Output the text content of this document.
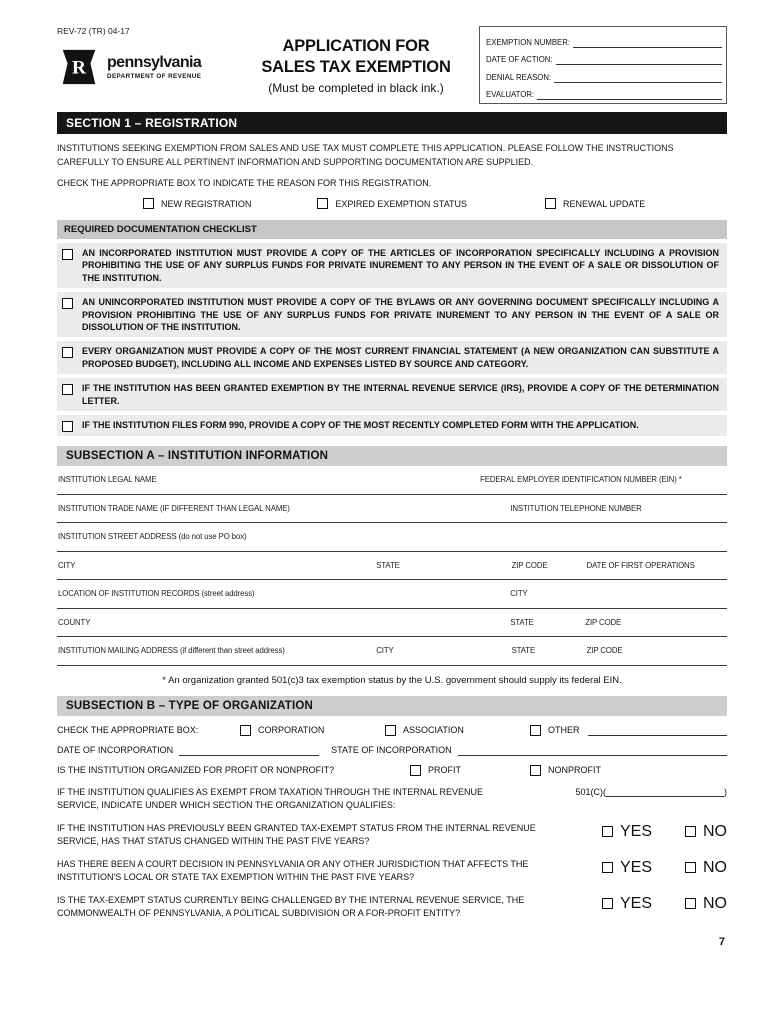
REV-72 (TR) 04-17
R pennsylvania
DEPARTMENT OF REVENUE
APPLICATION FOR
SALES TAX EXEMPTION
(Must be completed in black ink.)
EXEMPTION NUMBER:
DATE OF ACTION:
DENIAL REASON:
EVALUATOR:
SECTION 1 – REGISTRATION
INSTITUTIONS SEEKING EXEMPTION FROM SALES AND USE TAX MUST COMPLETE THIS APPLICATION. PLEASE FOLLOW THE INSTRUCTIONS CAREFULLY TO ENSURE ALL PERTINENT INFORMATION AND SUPPORTING DOCUMENTATION ARE SUPPLIED.
CHECK THE APPROPRIATE BOX TO INDICATE THE REASON FOR THIS REGISTRATION.
NEW REGISTRATION	EXPIRED EXEMPTION STATUS	RENEWAL UPDATE
REQUIRED DOCUMENTATION CHECKLIST
AN INCORPORATED INSTITUTION MUST PROVIDE A COPY OF THE ARTICLES OF INCORPORATION SPECIFICALLY INCLUDING A PROVISION PROHIBITING THE USE OF ANY SURPLUS FUNDS FOR PRIVATE INUREMENT TO ANY PERSON IN THE EVENT OF A SALE OR DISSOLUTION OF THE INSTITUTION.
AN UNINCORPORATED INSTITUTION MUST PROVIDE A COPY OF THE BYLAWS OR ANY GOVERNING DOCUMENT SPECIFICALLY INCLUDING A PROVISION PROHIBITING THE USE OF ANY SURPLUS FUNDS FOR PRIVATE INUREMENT TO ANY PERSON IN THE EVENT OF A SALE OR DISSOLUTION OF THE INSTITUTION.
EVERY ORGANIZATION MUST PROVIDE A COPY OF THE MOST CURRENT FINANCIAL STATEMENT (A NEW ORGANIZATION CAN SUBSTITUTE A PROPOSED BUDGET), INCLUDING ALL INCOME AND EXPENSES LISTED BY SOURCE AND CATEGORY.
IF THE INSTITUTION HAS BEEN GRANTED EXEMPTION BY THE INTERNAL REVENUE SERVICE (IRS), PROVIDE A COPY OF THE DETERMINATION LETTER.
IF THE INSTITUTION FILES FORM 990, PROVIDE A COPY OF THE MOST RECENTLY COMPLETED FORM WITH THE APPLICATION.
SUBSECTION A – INSTITUTION INFORMATION
INSTITUTION LEGAL NAME	FEDERAL EMPLOYER IDENTIFICATION NUMBER (EIN) *
INSTITUTION TRADE NAME (IF DIFFERENT THAN LEGAL NAME)	INSTITUTION TELEPHONE NUMBER
INSTITUTION STREET ADDRESS (do not use PO box)
CITY	STATE	ZIP CODE	DATE OF FIRST OPERATIONS
LOCATION OF INSTITUTION RECORDS (street address)	CITY
COUNTY	STATE	ZIP CODE
INSTITUTION MAILING ADDRESS (if different than street address)	CITY	STATE	ZIP CODE
* An organization granted 501(c)3 tax exemption status by the U.S. government should supply its federal EIN.
SUBSECTION B – TYPE OF ORGANIZATION
CHECK THE APPROPRIATE BOX:	CORPORATION	ASSOCIATION	OTHER
DATE OF INCORPORATION	STATE OF INCORPORATION
IS THE INSTITUTION ORGANIZED FOR PROFIT OR NONPROFIT?	PROFIT	NONPROFIT
IF THE INSTITUTION QUALIFIES AS EXEMPT FROM TAXATION THROUGH THE INTERNAL REVENUE SERVICE, INDICATE UNDER WHICH SECTION THE ORGANIZATION QUALIFIES:
501(C)(	)
IF THE INSTITUTION HAS PREVIOUSLY BEEN GRANTED TAX-EXEMPT STATUS FROM THE INTERNAL REVENUE SERVICE, HAS THAT STATUS CHANGED WITHIN THE PAST FIVE YEARS?
YES	NO
HAS THERE BEEN A COURT DECISION IN PENNSYLVANIA OR ANY OTHER JURISDICTION THAT AFFECTS THE INSTITUTION'S LOCAL OR STATE TAX EXEMPTION WITHIN THE PAST FIVE YEARS?
YES	NO
IS THE TAX-EXEMPT STATUS CURRENTLY BEING CHALLENGED BY THE INTERNAL REVENUE SERVICE, THE COMMONWEALTH OF PENNSYLVANIA, A POLITICAL SUBDIVISION OR A FOR-PROFIT ENTITY?
YES	NO
7
